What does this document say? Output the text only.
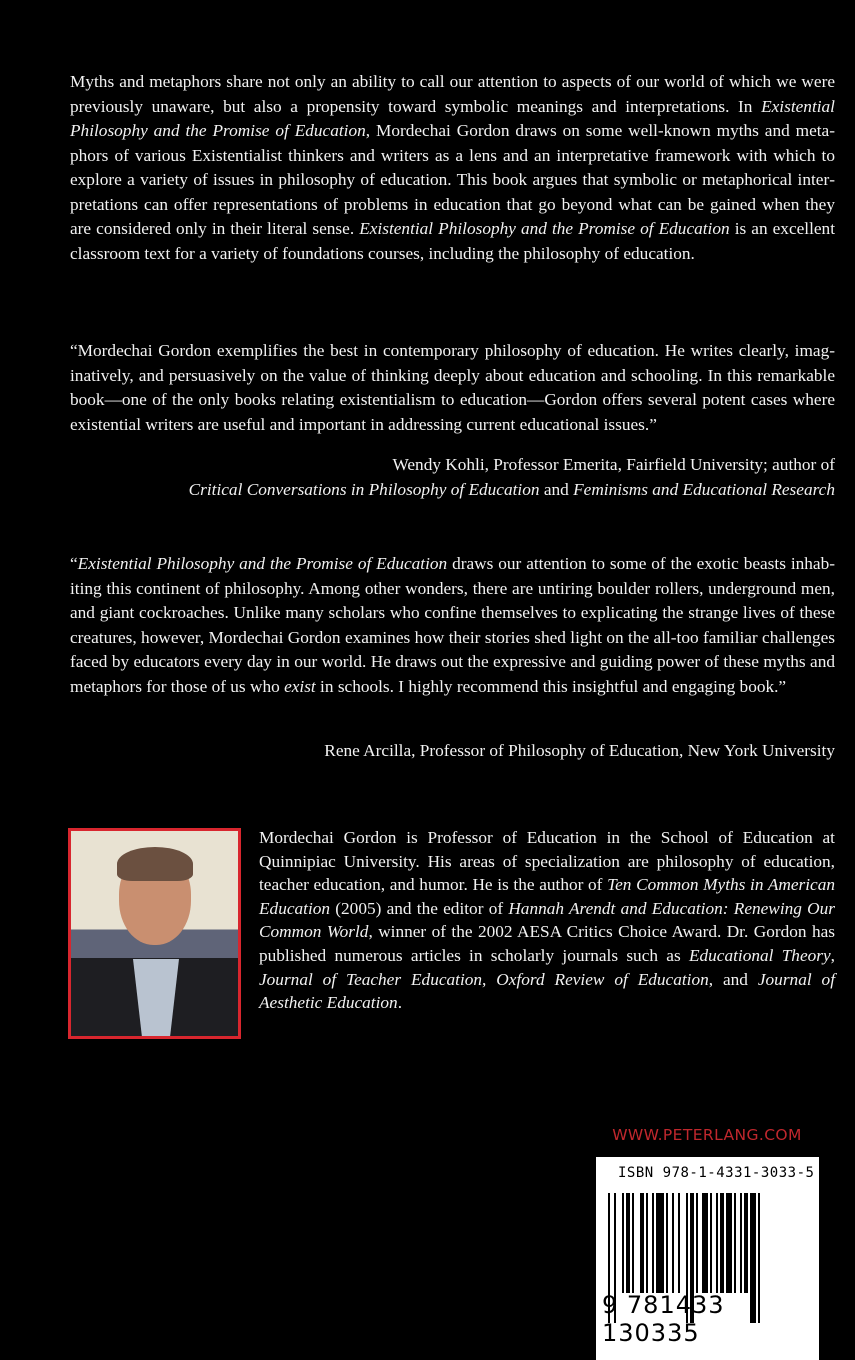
Myths and metaphors share not only an ability to call our attention to aspects of our world of which we were previously unaware, but also a propensity toward symbolic meanings and interpretations. In Existential Philosophy and the Promise of Education, Mordechai Gordon draws on some well-known myths and metaphors of various Existentialist thinkers and writers as a lens and an interpretative framework with which to explore a variety of issues in philosophy of education. This book argues that symbolic or metaphorical interpretations can offer representations of problems in education that go beyond what can be gained when they are considered only in their literal sense. Existential Philosophy and the Promise of Education is an excellent classroom text for a variety of foundations courses, including the philosophy of education.
“Mordechai Gordon exemplifies the best in contemporary philosophy of education. He writes clearly, imaginatively, and persuasively on the value of thinking deeply about education and schooling. In this remarkable book—one of the only books relating existentialism to education—Gordon offers several potent cases where existential writers are useful and important in addressing current educational issues.”
Wendy Kohli, Professor Emerita, Fairfield University; author of
Critical Conversations in Philosophy of Education and Feminisms and Educational Research
“Existential Philosophy and the Promise of Education draws our attention to some of the exotic beasts inhabiting this continent of philosophy. Among other wonders, there are untiring boulder rollers, underground men, and giant cockroaches. Unlike many scholars who confine themselves to explicating the strange lives of these creatures, however, Mordechai Gordon examines how their stories shed light on the all-too familiar challenges faced by educators every day in our world. He draws out the expressive and guiding power of these myths and metaphors for those of us who exist in schools. I highly recommend this insightful and engaging book.”
Rene Arcilla, Professor of Philosophy of Education, New York University
Mordechai Gordon is Professor of Education in the School of Education at Quinnipiac University. His areas of specialization are philosophy of education, teacher education, and humor. He is the author of Ten Common Myths in American Education (2005) and the editor of Hannah Arendt and Education: Renewing Our Common World, winner of the 2002 AESA Critics Choice Award. Dr. Gordon has published numerous articles in scholarly journals such as Educational Theory, Journal of Teacher Education, Oxford Review of Education, and Journal of Aesthetic Education.
WWW.PETERLANG.COM
ISBN 978-1-4331-3033-5
9 781433 130335
